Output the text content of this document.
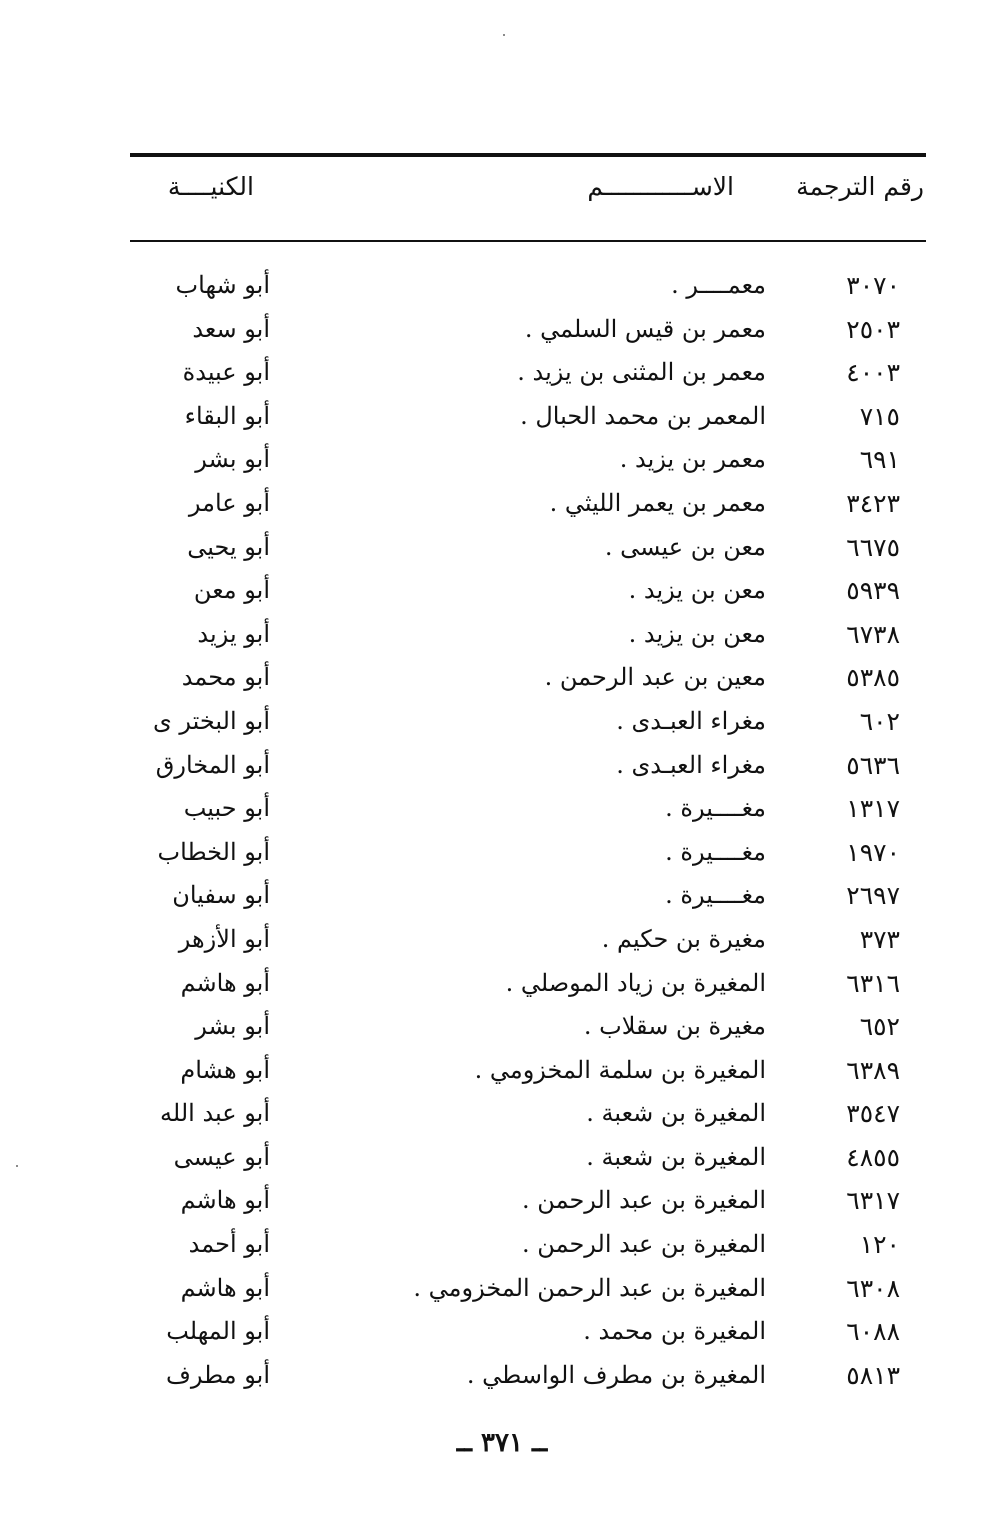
رقم الترجمة
الاســــــــــــم
الكنيــــة
٣٠٧٠
معمــــر .
أبو شهاب
٢٥٠٣
معمر بن قيس السلمي .
أبو سعد
٤٠٠٣
معمر بن المثنى بن يزيد .
أبو عبيدة
٧١٥
المعمر بن محمد الحبال .
أبو البقاء
٦٩١
معمر بن يزيد .
أبو بشر
٣٤٢٣
معمر بن يعمر الليثي .
أبو عامر
٦٦٧٥
معن بن عيسى .
أبو يحيى
٥٩٣٩
معن بن يزيد .
أبو معن
٦٧٣٨
معن بن يزيد .
أبو يزيد
٥٣٨٥
معين بن عبد الرحمن .
أبو محمد
٦٠٢
مغراء العبـدى .
أبو البختر ى
٥٦٣٦
مغراء العبـدى .
أبو المخارق
١٣١٧
مغــــيرة .
أبو حبيب
١٩٧٠
مغــــيرة .
أبو الخطاب
٢٦٩٧
مغــــيرة .
أبو سفيان
٣٧٣
مغيرة بن حكيم .
أبو الأزهر
٦٣١٦
المغيرة بن زياد الموصلي .
أبو هاشم
٦٥٢
مغيرة بن سقلاب .
أبو بشر
٦٣٨٩
المغيرة بن سلمة المخزومي .
أبو هشام
٣٥٤٧
المغيرة بن شعبة .
أبو عبد الله
٤٨٥٥
المغيرة بن شعبة .
أبو عيسى
٦٣١٧
المغيرة بن عبد الرحمن .
أبو هاشم
١٢٠
المغيرة بن عبد الرحمن .
أبو أحمد
٦٣٠٨
المغيرة بن عبد الرحمن المخزومي .
أبو هاشم
٦٠٨٨
المغيرة بن محمد .
أبو المهلب
٥٨١٣
المغيرة بن مطرف الواسطي .
أبو مطرف
ــ ٣٧١ ــ
